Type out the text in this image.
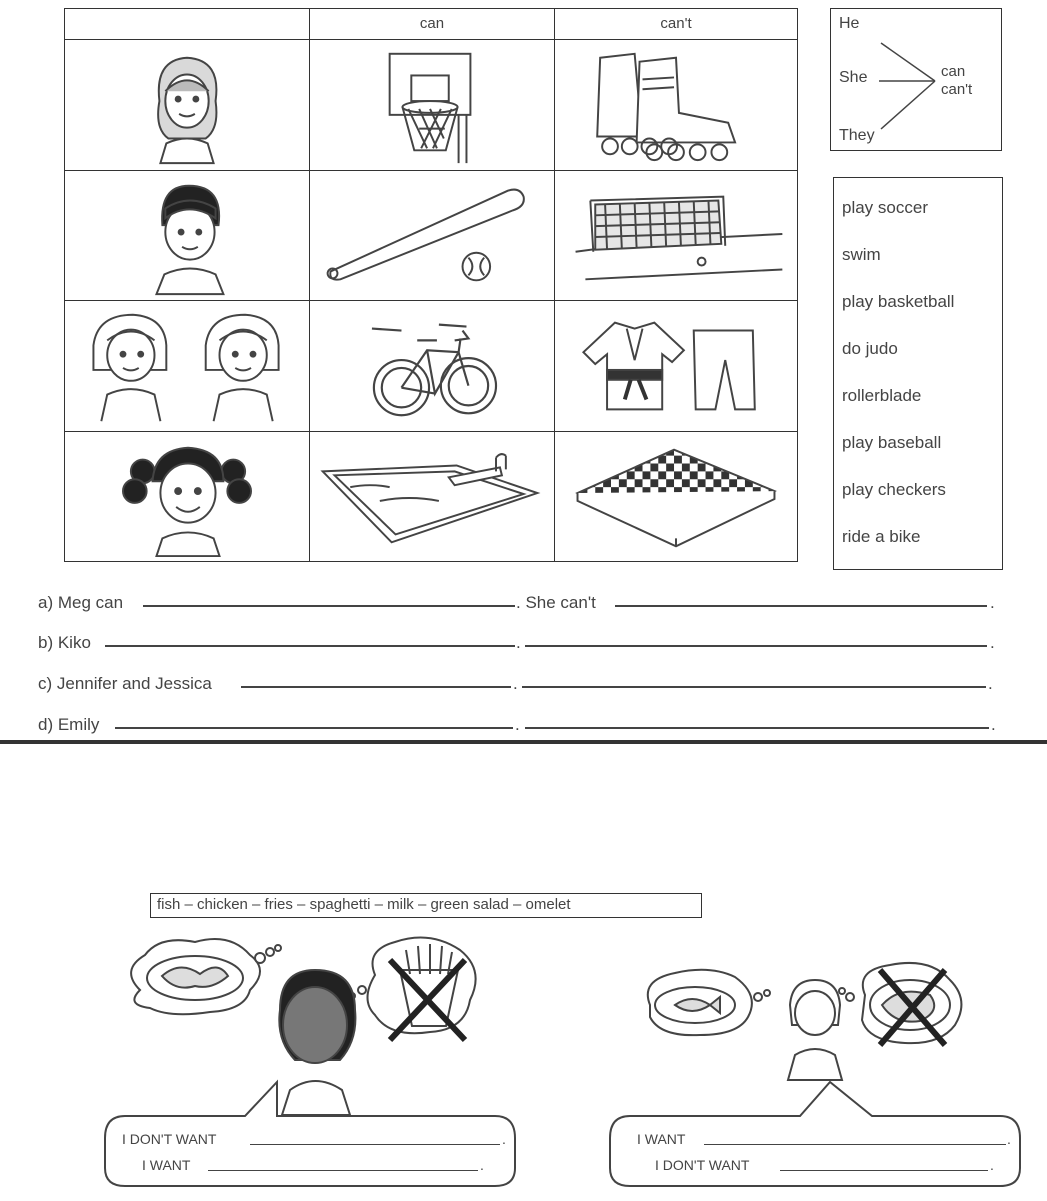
can	can't	He
She
They
can
can't
play soccer
swim
play basketball
do judo
rollerblade
play baseball
play checkers
ride a bike
a) Meg can	. She can't	.
b) Kiko	.	.
c) Jennifer and Jessica	.	.
d) Emily	.	.
fish – chicken – fries – spaghetti – milk – green salad – omelet
I DON'T WANT	.
I WANT	.
I WANT	.
I DON'T WANT	.
